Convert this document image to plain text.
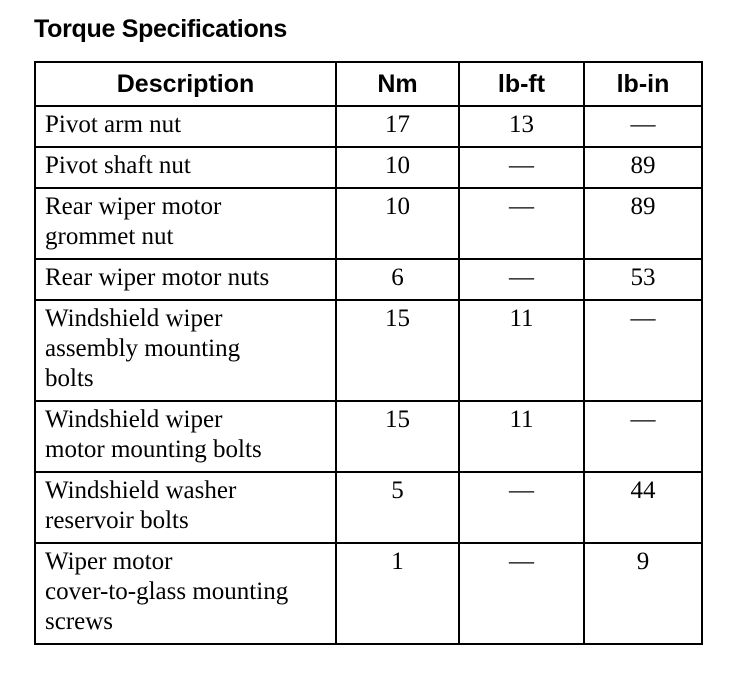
Torque Specifications
Description	Nm	lb-ft	lb-in
Pivot arm nut	17	13	—
Pivot shaft nut	10	—	89
Rear wiper motor
grommet nut	10	—	89
Rear wiper motor nuts	6	—	53
Windshield wiper
assembly mounting
bolts	15	11	—
Windshield wiper
motor mounting bolts	15	11	—
Windshield washer
reservoir bolts	5	—	44
Wiper motor
cover-to-glass mounting
screws	1	—	9
